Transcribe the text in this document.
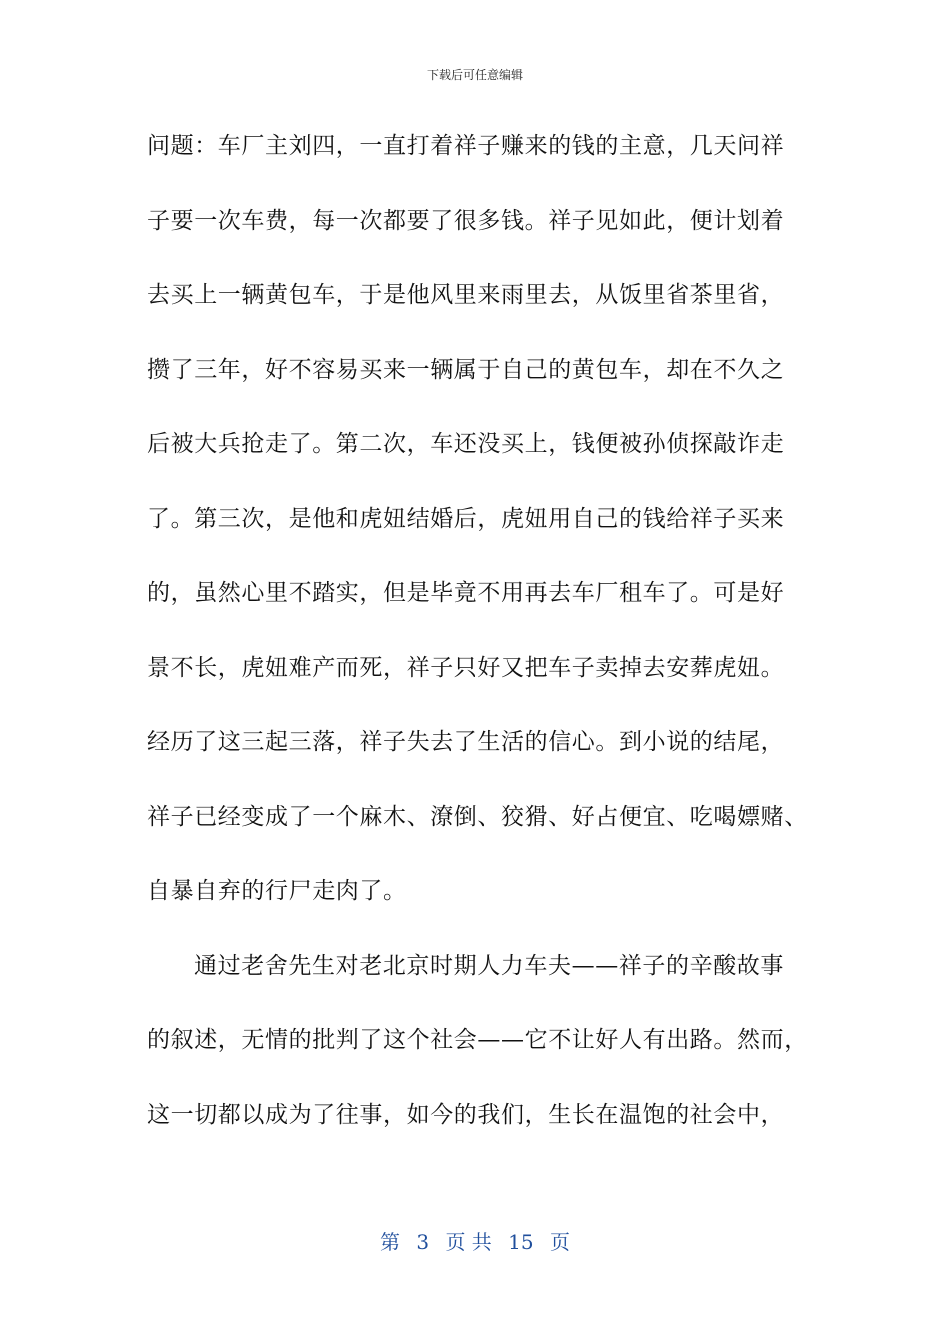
下载后可任意编辑
问题：车厂主刘四，一直打着祥子赚来的钱的主意，几天问祥
子要一次车费，每一次都要了很多钱。祥子见如此，便计划着
去买上一辆黄包车，于是他风里来雨里去，从饭里省茶里省，
攒了三年，好不容易买来一辆属于自己的黄包车，却在不久之
后被大兵抢走了。第二次，车还没买上，钱便被孙侦探敲诈走
了。第三次，是他和虎妞结婚后，虎妞用自己的钱给祥子买来
的，虽然心里不踏实，但是毕竟不用再去车厂租车了。可是好
景不长，虎妞难产而死，祥子只好又把车子卖掉去安葬虎妞。
经历了这三起三落，祥子失去了生活的信心。到小说的结尾，
祥子已经变成了一个麻木、潦倒、狡猾、好占便宜、吃喝嫖赌、
自暴自弃的行尸走肉了。
通过老舍先生对老北京时期人力车夫——祥子的辛酸故事
的叙述，无情的批判了这个社会——它不让好人有出路。然而，
这一切都以成为了往事，如今的我们，生长在温饱的社会中，
第 3 页 共 15 页
